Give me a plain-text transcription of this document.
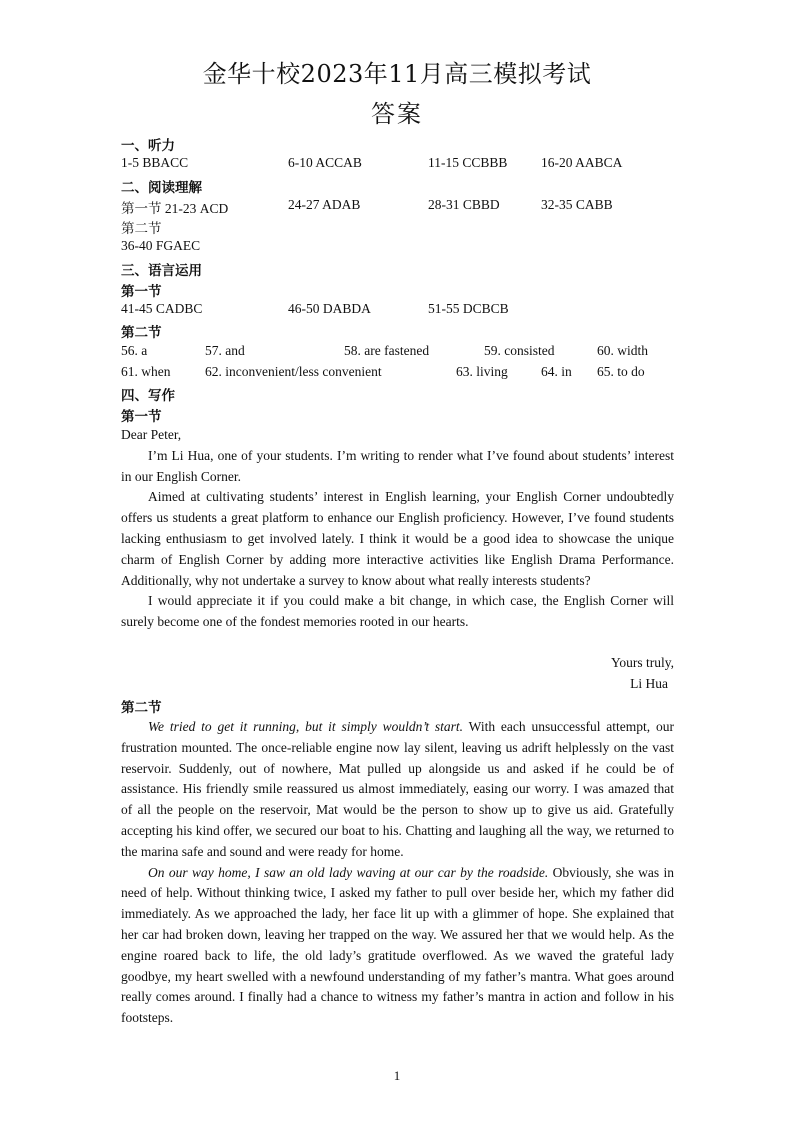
金华十校2023年11月高三模拟考试
答案
一、听力
1-5 BBACC	6-10 ACCAB	11-15 CCBBB 16-20 AABCA
二、阅读理解
第一节 21-23 ACD	24-27 ADAB	28-31 CBBD	32-35 CABB
第二节
36-40 FGAEC
三、语言运用
第一节
41-45 CADBC	46-50 DABDA	51-55 DCBCB
第二节
56. a	57. and	58. are fastened	59. consisted	60. width
61. when	62. inconvenient/less convenient	63. living 64. in 65. to do
四、写作
第一节

Dear Peter,

I’m Li Hua, one of your students. I’m writing to render what I’ve found about students’ interest in our English Corner.

Aimed at cultivating students’ interest in English learning, your English Corner undoubtedly offers us students a great platform to enhance our English proficiency. However, I’ve found students lacking enthusiasm to get involved lately. I think it would be a good idea to showcase the unique charm of English Corner by adding more interactive activities like English Drama Performance. Additionally, why not undertake a survey to know about what really interests students?

I would appreciate it if you could make a bit change, in which case, the English Corner will surely become one of the fondest memories rooted in our hearts.

Yours truly,
Li Hua
第二节

We tried to get it running, but it simply wouldn’t start. With each unsuccessful attempt, our frustration mounted. The once-reliable engine now lay silent, leaving us adrift helplessly on the vast reservoir. Suddenly, out of nowhere, Mat pulled up alongside us and asked if he could be of assistance. His friendly smile reassured us almost immediately, easing our worry. I was amazed that of all the people on the reservoir, Mat would be the person to show up to give us aid. Gratefully accepting his kind offer, we secured our boat to his. Chatting and laughing all the way, we returned to the marina safe and sound and were ready for home.

On our way home, I saw an old lady waving at our car by the roadside. Obviously, she was in need of help. Without thinking twice, I asked my father to pull over beside her, which my father did immediately. As we approached the lady, her face lit up with a glimmer of hope. She explained that her car had broken down, leaving her trapped on the way. We assured her that we would help. As the engine roared back to life, the old lady’s gratitude overflowed. As we waved the grateful lady goodbye, my heart swelled with a newfound understanding of my father’s mantra. What goes around really comes around. I finally had a chance to witness my father’s mantra in action and follow in his footsteps.

1
